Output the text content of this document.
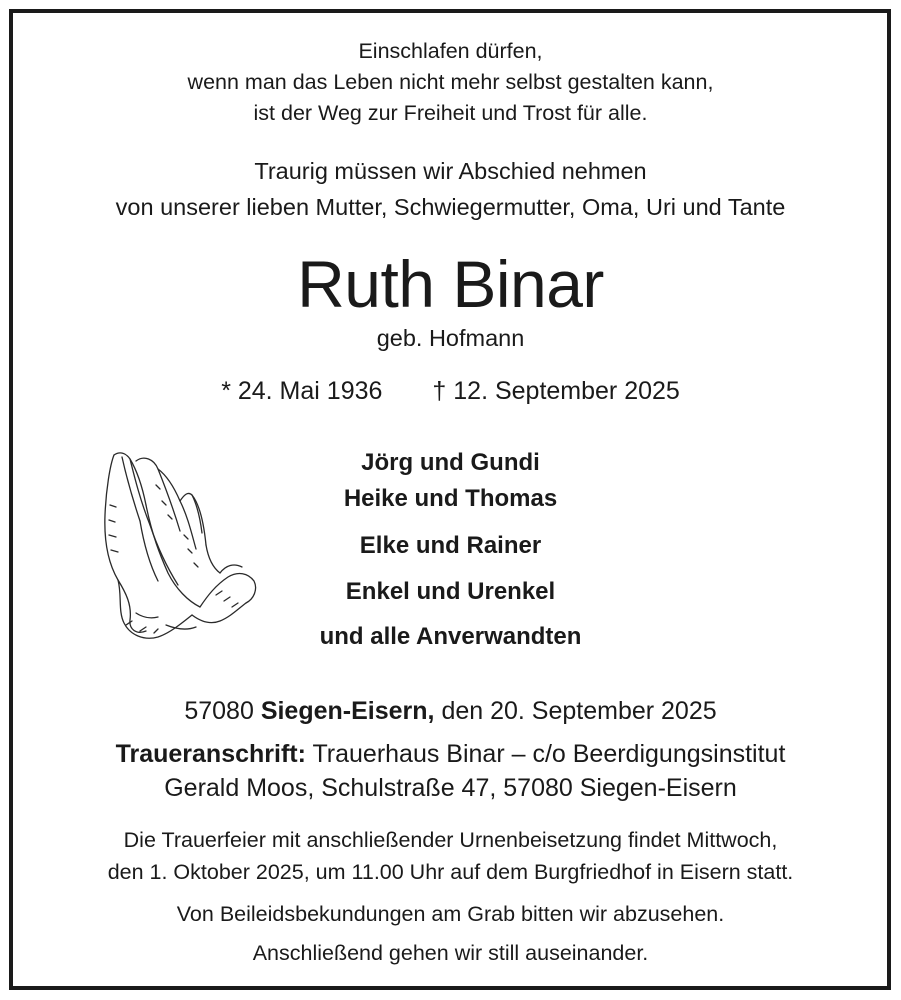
Einschlafen dürfen,
wenn man das Leben nicht mehr selbst gestalten kann,
ist der Weg zur Freiheit und Trost für alle.
Traurig müssen wir Abschied nehmen
von unserer lieben Mutter, Schwiegermutter, Oma, Uri und Tante
Ruth Binar
geb. Hofmann
* 24. Mai 1936 † 12. September 2025
Jörg und Gundi
Heike und Thomas
Elke und Rainer
Enkel und Urenkel
und alle Anverwandten
57080 Siegen-Eisern, den 20. September 2025
Traueranschrift: Trauerhaus Binar – c/o Beerdigungsinstitut
Gerald Moos, Schulstraße 47, 57080 Siegen-Eisern
Die Trauerfeier mit anschließender Urnenbeisetzung findet Mittwoch,
den 1. Oktober 2025, um 11.00 Uhr auf dem Burgfriedhof in Eisern statt.
Von Beileidsbekundungen am Grab bitten wir abzusehen.
Anschließend gehen wir still auseinander.
